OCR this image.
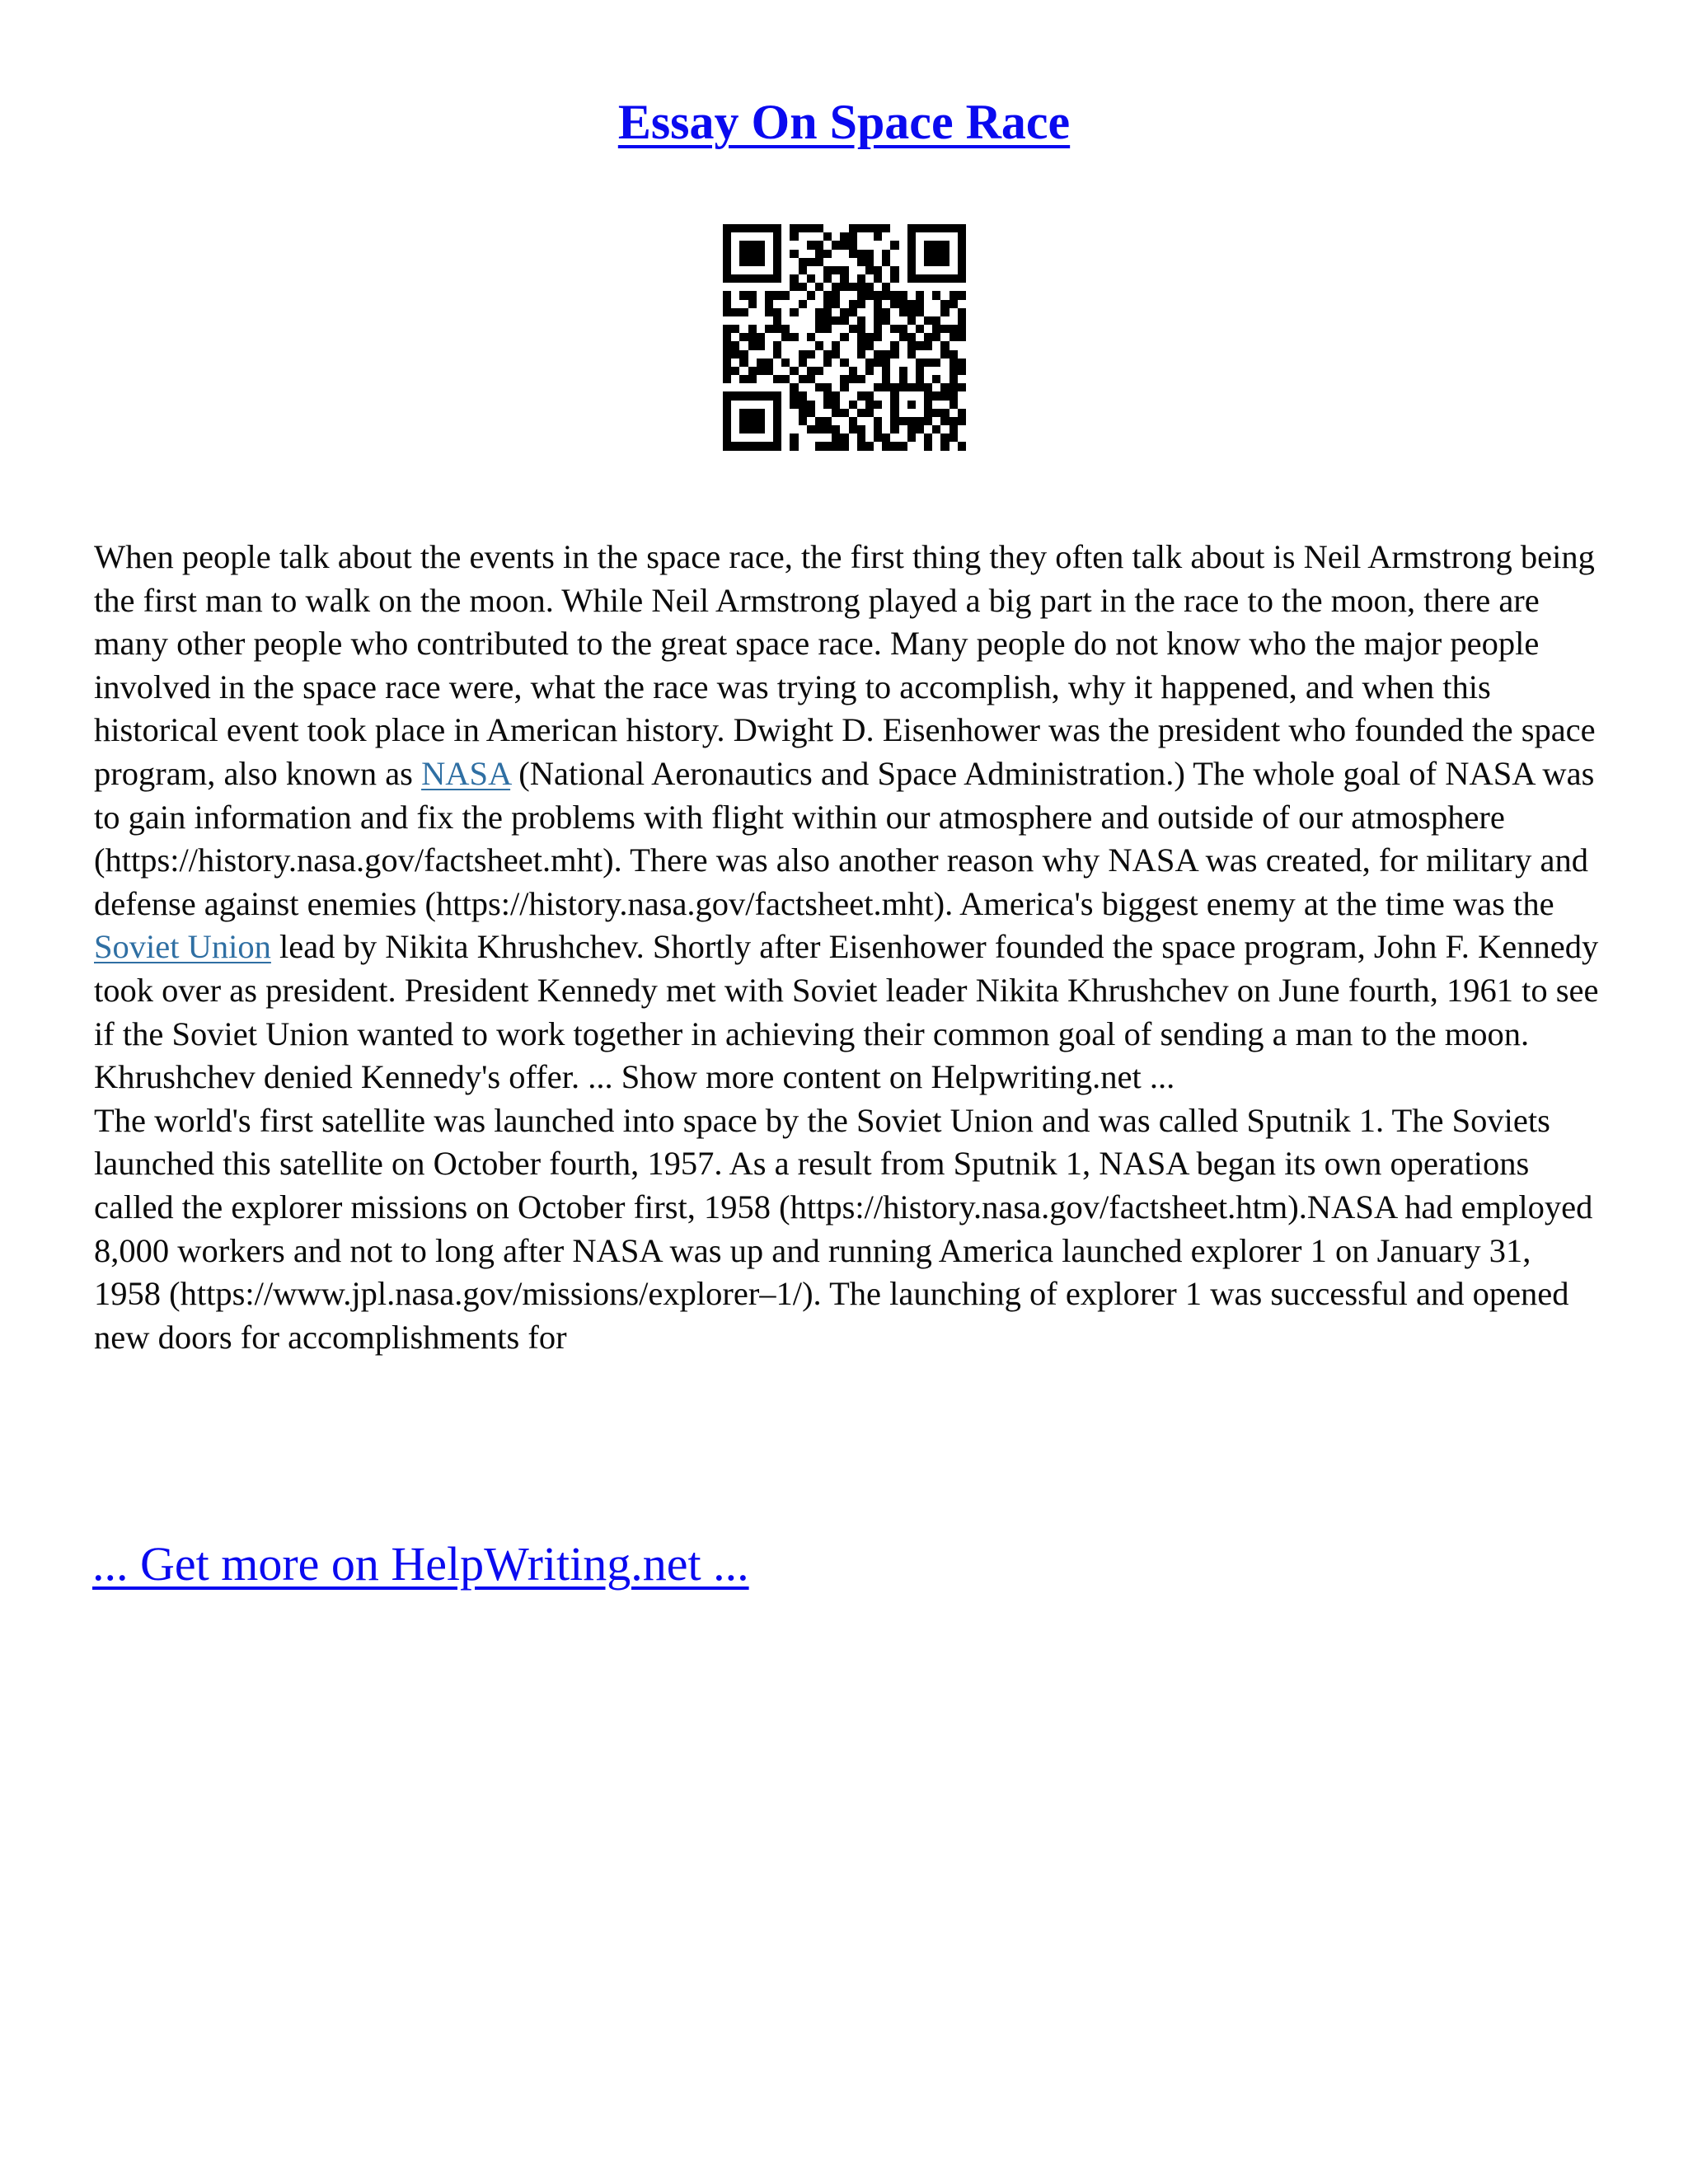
Essay On Space Race

When people talk about the events in the space race, the first thing they often talk about is Neil Armstrong being the first man to walk on the moon. While Neil Armstrong played a big part in the race to the moon, there are many other people who contributed to the great space race. Many people do not know who the major people involved in the space race were, what the race was trying to accomplish, why it happened, and when this historical event took place in American history. Dwight D. Eisenhower was the president who founded the space program, also known as NASA (National Aeronautics and Space Administration.) The whole goal of NASA was to gain information and fix the problems with flight within our atmosphere and outside of our atmosphere (https://history.nasa.gov/factsheet.mht). There was also another reason why NASA was created, for military and defense against enemies (https://history.nasa.gov/factsheet.mht). America's biggest enemy at the time was the Soviet Union lead by Nikita Khrushchev. Shortly after Eisenhower founded the space program, John F. Kennedy took over as president. President Kennedy met with Soviet leader Nikita Khrushchev on June fourth, 1961 to see if the Soviet Union wanted to work together in achieving their common goal of sending a man to the moon. Khrushchev denied Kennedy's offer. ... Show more content on Helpwriting.net ...

The world's first satellite was launched into space by the Soviet Union and was called Sputnik 1. The Soviets launched this satellite on October fourth, 1957. As a result from Sputnik 1, NASA began its own operations called the explorer missions on October first, 1958 (https://history.nasa.gov/factsheet.htm).NASA had employed 8,000 workers and not to long after NASA was up and running America launched explorer 1 on January 31, 1958 (https://www.jpl.nasa.gov/missions/explorer–1/). The launching of explorer 1 was successful and opened new doors for accomplishments for

... Get more on HelpWriting.net ...
